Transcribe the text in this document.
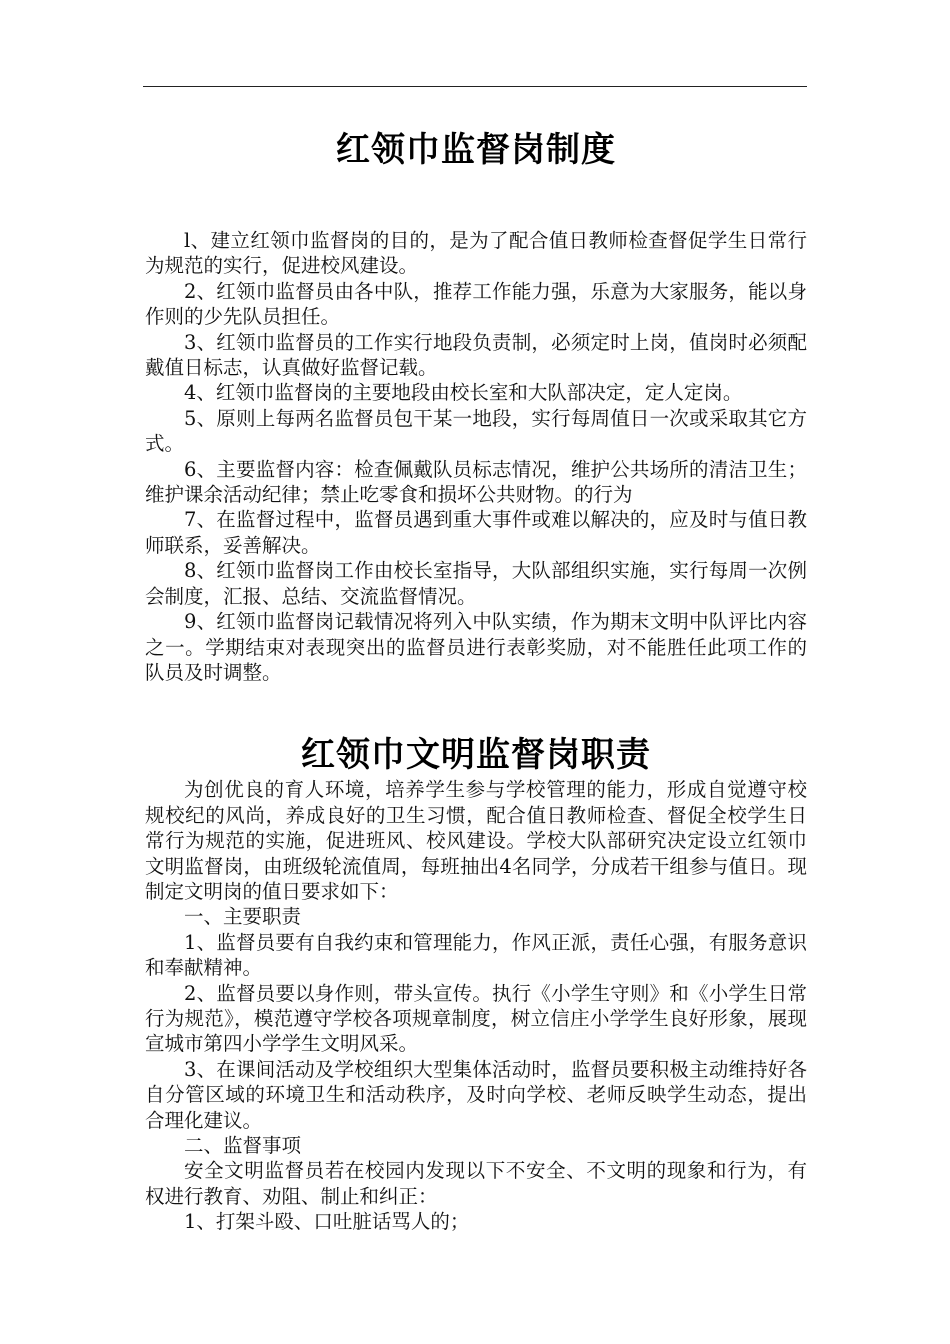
红领巾监督岗制度

l、建立红领巾监督岗的目的，是为了配合值日教师检查督促学生日常行为规范的实行，促进校风建设。

2、红领巾监督员由各中队，推荐工作能力强，乐意为大家服务，能以身作则的少先队员担任。

3、红领巾监督员的工作实行地段负责制，必须定时上岗，值岗时必须配戴值日标志，认真做好监督记载。

4、红领巾监督岗的主要地段由校长室和大队部决定，定人定岗。

5、原则上每两名监督员包干某一地段，实行每周值日一次或采取其它方式。

6、主要监督内容：检查佩戴队员标志情况，维护公共场所的清洁卫生；维护课余活动纪律；禁止吃零食和损坏公共财物。的行为

7、在监督过程中，监督员遇到重大事件或难以解决的，应及时与值日教师联系，妥善解决。

8、红领巾监督岗工作由校长室指导，大队部组织实施，实行每周一次例会制度，汇报、总结、交流监督情况。

9、红领巾监督岗记载情况将列入中队实绩，作为期末文明中队评比内容之一。学期结束对表现突出的监督员进行表彰奖励，对不能胜任此项工作的队员及时调整。

红领巾文明监督岗职责

为创优良的育人环境，培养学生参与学校管理的能力，形成自觉遵守校规校纪的风尚，养成良好的卫生习惯，配合值日教师检查、督促全校学生日常行为规范的实施，促进班风、校风建设。学校大队部研究决定设立红领巾文明监督岗，由班级轮流值周，每班抽出4名同学，分成若干组参与值日。现制定文明岗的值日要求如下：

一、主要职责

1、监督员要有自我约束和管理能力，作风正派，责任心强，有服务意识和奉献精神。

2、监督员要以身作则，带头宣传。执行《小学生守则》和《小学生日常行为规范》，模范遵守学校各项规章制度，树立信庄小学学生良好形象，展现宣城市第四小学学生文明风采。

3、在课间活动及学校组织大型集体活动时，监督员要积极主动维持好各自分管区域的环境卫生和活动秩序，及时向学校、老师反映学生动态，提出合理化建议。

二、监督事项

安全文明监督员若在校园内发现以下不安全、不文明的现象和行为，有权进行教育、劝阻、制止和纠正：

1、打架斗殴、口吐脏话骂人的；
